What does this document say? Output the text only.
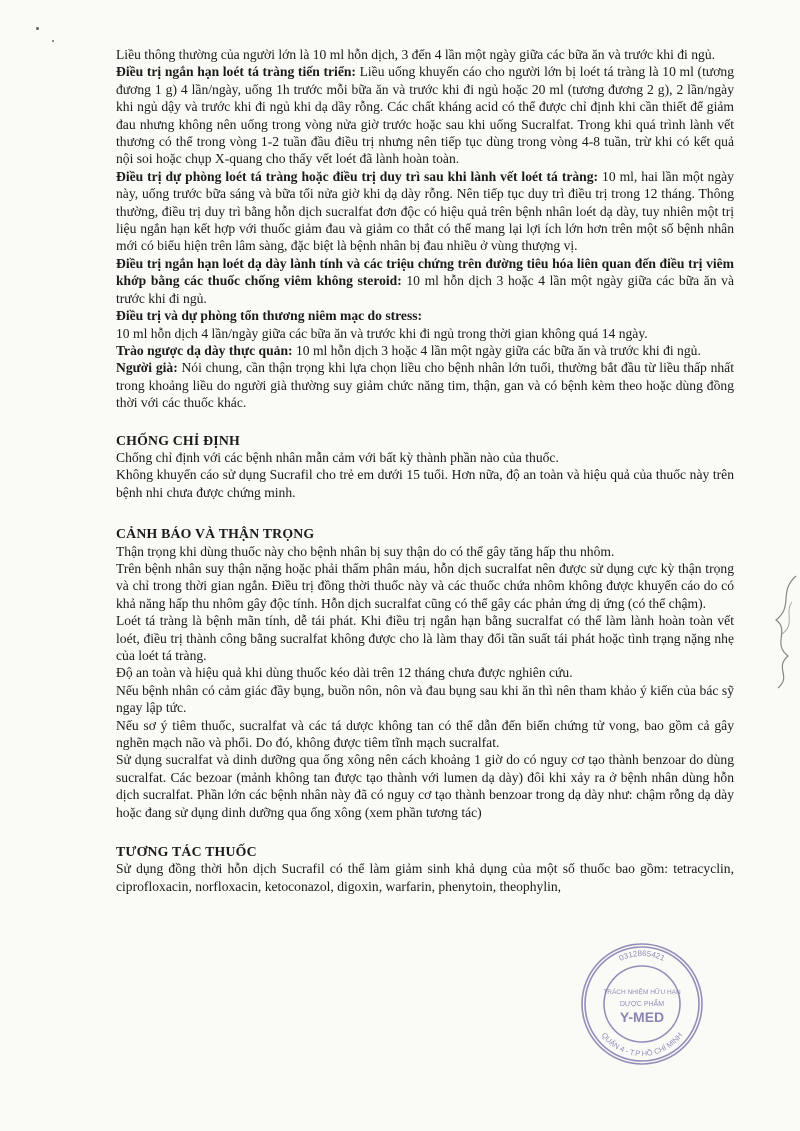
Liều thông thường của người lớn là 10 ml hỗn dịch, 3 đến 4 lần một ngày giữa các bữa ăn và trước khi đi ngủ.

Điều trị ngắn hạn loét tá tràng tiến triển: Liều uống khuyến cáo cho người lớn bị loét tá tràng là 10 ml (tương đương 1 g) 4 lần/ngày, uống 1h trước mỗi bữa ăn và trước khi đi ngủ hoặc 20 ml (tương đương 2 g), 2 lần/ngày khi ngủ dậy và trước khi đi ngủ khi dạ dầy rỗng. Các chất kháng acid có thể được chỉ định khi cần thiết để giảm đau nhưng không nên uống trong vòng nửa giờ trước hoặc sau khi uống Sucralfat. Trong khi quá trình lành vết thương có thể trong vòng 1-2 tuần đầu điều trị nhưng nên tiếp tục dùng trong vòng 4-8 tuần, trừ khi có kết quả nội soi hoặc chụp X-quang cho thấy vết loét đã lành hoàn toàn.

Điều trị dự phòng loét tá tràng hoặc điều trị duy trì sau khi lành vết loét tá tràng: 10 ml, hai lần một ngày này, uống trước bữa sáng và bữa tối nửa giờ khi dạ dày rỗng. Nên tiếp tục duy trì điều trị trong 12 tháng. Thông thường, điều trị duy trì bằng hỗn dịch sucralfat đơn độc có hiệu quả trên bệnh nhân loét dạ dày, tuy nhiên một trị liệu ngắn hạn kết hợp với thuốc giảm đau và giảm co thắt có thể mang lại lợi ích lớn hơn trên một số bệnh nhân mới có biểu hiện trên lâm sàng, đặc biệt là bệnh nhân bị đau nhiều ở vùng thượng vị.

Điều trị ngắn hạn loét dạ dày lành tính và các triệu chứng trên đường tiêu hóa liên quan đến điều trị viêm khớp bằng các thuốc chống viêm không steroid: 10 ml hỗn dịch 3 hoặc 4 lần một ngày giữa các bữa ăn và trước khi đi ngủ.

Điều trị và dự phòng tổn thương niêm mạc do stress:

10 ml hỗn dịch 4 lần/ngày giữa các bữa ăn và trước khi đi ngủ trong thời gian không quá 14 ngày.

Trào ngược dạ dày thực quản: 10 ml hỗn dịch 3 hoặc 4 lần một ngày giữa các bữa ăn và trước khi đi ngủ.

Người già: Nói chung, cần thận trọng khi lựa chọn liều cho bệnh nhân lớn tuổi, thường bắt đầu từ liều thấp nhất trong khoảng liều do người già thường suy giảm chức năng tim, thận, gan và có bệnh kèm theo hoặc dùng đồng thời với các thuốc khác.

CHỐNG CHỈ ĐỊNH

Chống chỉ định với các bệnh nhân mẫn cảm với bất kỳ thành phần nào của thuốc.

Không khuyến cáo sử dụng Sucrafil cho trẻ em dưới 15 tuổi. Hơn nữa, độ an toàn và hiệu quả của thuốc này trên bệnh nhi chưa được chứng minh.

CẢNH BÁO VÀ THẬN TRỌNG

Thận trọng khi dùng thuốc này cho bệnh nhân bị suy thận do có thể gây tăng hấp thu nhôm.

Trên bệnh nhân suy thận nặng hoặc phải thẩm phân máu, hỗn dịch sucralfat nên được sử dụng cực kỳ thận trọng và chỉ trong thời gian ngắn. Điều trị đồng thời thuốc này và các thuốc chứa nhôm không được khuyến cáo do có khả năng hấp thu nhôm gây độc tính. Hỗn dịch sucralfat cũng có thể gây các phản ứng dị ứng (có thể chậm).

Loét tá tràng là bệnh mãn tính, dễ tái phát. Khi điều trị ngắn hạn bằng sucralfat có thể làm lành hoàn toàn vết loét, điều trị thành công bằng sucralfat không được cho là làm thay đổi tần suất tái phát hoặc tình trạng nặng nhẹ của loét tá tràng.

Độ an toàn và hiệu quả khi dùng thuốc kéo dài trên 12 tháng chưa được nghiên cứu.

Nếu bệnh nhân có cảm giác đầy bụng, buồn nôn, nôn và đau bụng sau khi ăn thì nên tham khảo ý kiến của bác sỹ ngay lập tức.

Nếu sơ ý tiêm thuốc, sucralfat và các tá dược không tan có thể dẫn đến biến chứng tử vong, bao gồm cả gây nghẽn mạch não và phổi. Do đó, không được tiêm tĩnh mạch sucralfat.

Sử dụng sucralfat và dinh dưỡng qua ống xông nên cách khoảng 1 giờ do có nguy cơ tạo thành benzoar do dùng sucralfat. Các bezoar (mảnh không tan được tạo thành với lumen dạ dày) đôi khi xảy ra ở bệnh nhân dùng hỗn dịch sucralfat. Phần lớn các bệnh nhân này đã có nguy cơ tạo thành benzoar trong dạ dày như: chậm rỗng dạ dày hoặc đang sử dụng dinh dưỡng qua ống xông (xem phần tương tác)

TƯƠNG TÁC THUỐC

Sử dụng đồng thời hỗn dịch Sucrafil có thể làm giảm sinh khả dụng của một số thuốc bao gồm: tetracyclin, ciprofloxacin, norfloxacin, ketoconazol, digoxin, warfarin, phenytoin, theophylin,

0312865421
QUẬN 4 - T.P HỒ CHÍ MINH
TRÁCH NHIỆM HỮU HẠN
DƯỢC PHẨM
Y-MED
